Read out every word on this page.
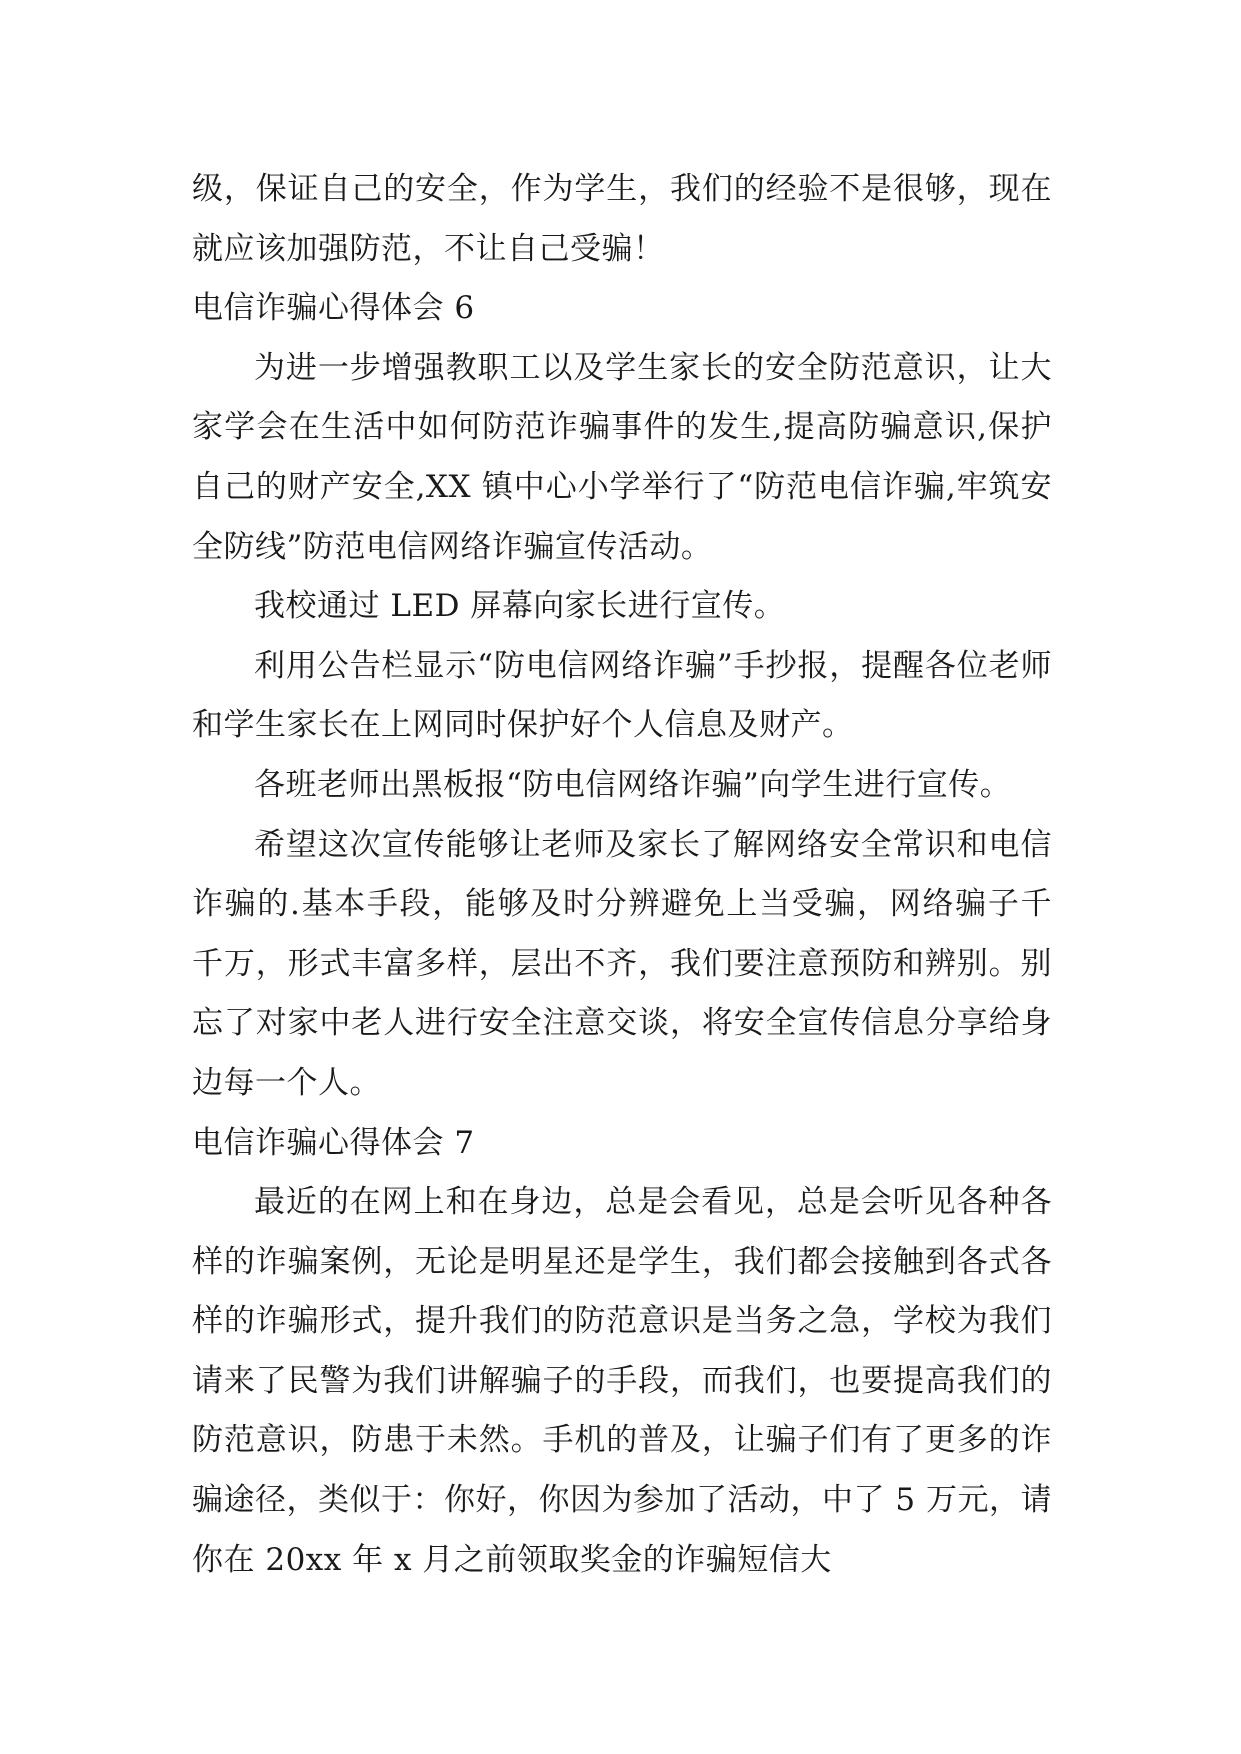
级，保证自己的安全，作为学生，我们的经验不是很够，现在就应该加强防范，不让自己受骗！

电信诈骗心得体会 6

为进一步增强教职工以及学生家长的安全防范意识，让大家学会在生活中如何防范诈骗事件的发生,提高防骗意识,保护自己的财产安全,XX 镇中心小学举行了“防范电信诈骗,牢筑安全防线”防范电信网络诈骗宣传活动。

我校通过 LED 屏幕向家长进行宣传。

利用公告栏显示“防电信网络诈骗”手抄报，提醒各位老师和学生家长在上网同时保护好个人信息及财产。

各班老师出黑板报“防电信网络诈骗”向学生进行宣传。

希望这次宣传能够让老师及家长了解网络安全常识和电信诈骗的.基本手段，能够及时分辨避免上当受骗，网络骗子千千万，形式丰富多样，层出不齐，我们要注意预防和辨别。别忘了对家中老人进行安全注意交谈，将安全宣传信息分享给身边每一个人。

电信诈骗心得体会 7

最近的在网上和在身边，总是会看见，总是会听见各种各样的诈骗案例，无论是明星还是学生，我们都会接触到各式各样的诈骗形式，提升我们的防范意识是当务之急，学校为我们请来了民警为我们讲解骗子的手段，而我们，也要提高我们的防范意识，防患于未然。手机的普及，让骗子们有了更多的诈骗途径，类似于：你好，你因为参加了活动，中了 5 万元，请你在 20xx 年 x 月之前领取奖金的诈骗短信大
